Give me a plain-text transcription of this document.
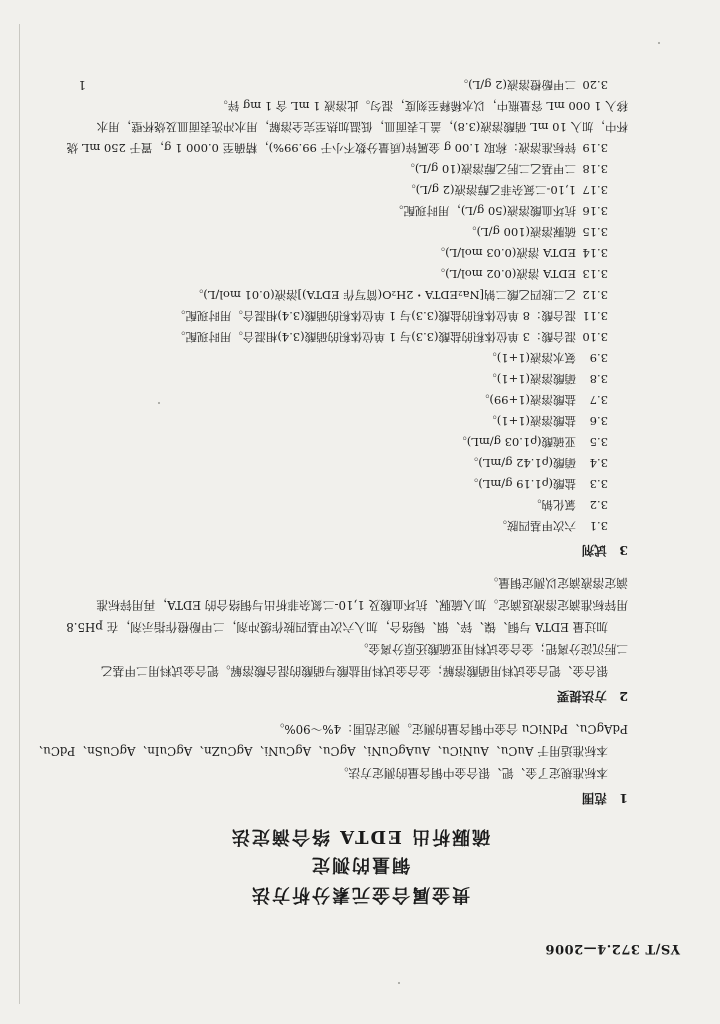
YS/T 372.4—2006
贵金属合金元素分析方法
铜量的测定
硫脲析出 EDTA 络合滴定法
1　范围
本标准规定了金、钯、银合金中铜含量的测定方法。
本标准适用于 AuCu、AuNiCu、AuAgCuNi、AgCu、AgCuNi、AgCuZn、AgCuIn、AgCuSn、PdCu、
PdAgCu、PdNiCu 合金中铜含量的测定。测定范围：4%～90%。
2　方法提要
银合金、钯合金试料用硝酸溶解；金合金试料用盐酸与硝酸的混合酸溶解。钯合金试料用二甲基乙
二肟沉淀分离钯；金合金试料用亚硫酸还原分离金。
加过量 EDTA 与铜、镍、锌、铟、锡络合，加入六次甲基四胺作缓冲剂，二甲酚橙作指示剂，在 pH5.8
用锌标准滴定溶液返滴定。加入硫脲、抗坏血酸及 1,10-二氮杂菲析出与铜络合的 EDTA，再用锌标准
滴定溶液滴定以测定铜量。
3　试剂
3.1六次甲基四胺。
3.2氯化钠。
3.3盐酸(ρ1.19 g/mL)。
3.4硝酸(ρ1.42 g/mL)。
3.5亚硫酸(ρ1.03 g/mL)。
3.6盐酸溶液(1+1)。
3.7盐酸溶液(1+99)。
3.8硝酸溶液(1+1)。
3.9氨水溶液(1+1)。
3.10混合酸：3 单位体积的盐酸(3.3)与 1 单位体积的硝酸(3.4)相混合。用时现配。
3.11混合酸：8 单位体积的盐酸(3.3)与 1 单位体积的硝酸(3.4)相混合。用时现配。
3.12乙二胺四乙酸二钠[Na₂EDTA・2H₂O(简写作 EDTA)]溶液(0.01 mol/L)。
3.13EDTA 溶液(0.02 mol/L)。
3.14EDTA 溶液(0.03 mol/L)。
3.15硫脲溶液(100 g/L)。
3.16抗坏血酸溶液(50 g/L)，用时现配。
3.171,10-二氮杂菲乙醇溶液(2 g/L)。
3.18二甲基乙二肟乙醇溶液(10 g/L)。
3.19锌标准溶液：称取 1.00 g 金属锌(质量分数不小于 99.99%)，精确至 0.000 1 g，置于 250 mL 烧
杯中，加入 10 mL 硝酸溶液(3.8)，盖上表面皿，低温加热至完全溶解，用水冲洗表面皿及烧杯壁，用水
移入 1 000 mL 容量瓶中，以水稀释至刻度，混匀。此溶液 1 mL 含 1 mg 锌。
3.20二甲酚橙溶液(2 g/L)。
1
